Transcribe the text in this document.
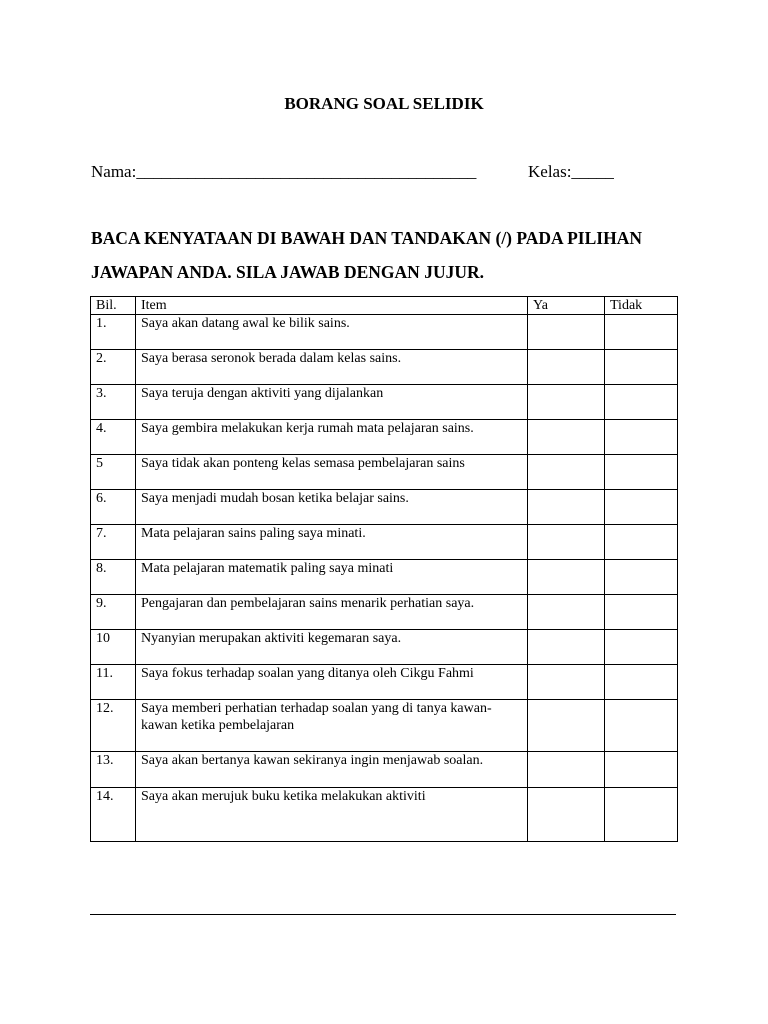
BORANG SOAL SELIDIK
Nama:________________________________________	Kelas:_____
BACA KENYATAAN DI BAWAH DAN TANDAKAN (/) PADA PILIHAN
JAWAPAN ANDA. SILA JAWAB DENGAN JUJUR.
Bil.	Item	Ya	Tidak
1.	Saya akan datang awal ke bilik sains.		
2.	Saya berasa seronok berada dalam kelas sains.		
3.	Saya teruja dengan aktiviti yang dijalankan		
4.	Saya gembira melakukan kerja rumah mata pelajaran sains.		
5	Saya tidak akan ponteng kelas semasa pembelajaran sains		
6.	Saya menjadi mudah bosan ketika belajar sains.		
7.	Mata pelajaran sains paling saya minati.		
8.	Mata pelajaran matematik paling saya minati		
9.	Pengajaran dan pembelajaran sains menarik perhatian saya.		
10	Nyanyian merupakan aktiviti kegemaran saya.		
11.	Saya fokus terhadap soalan yang ditanya oleh Cikgu Fahmi		
12.	Saya memberi perhatian terhadap soalan yang di tanya kawan-kawan ketika pembelajaran		
13.	Saya akan bertanya kawan sekiranya ingin menjawab soalan.		
14.	Saya akan merujuk buku ketika melakukan aktiviti		
